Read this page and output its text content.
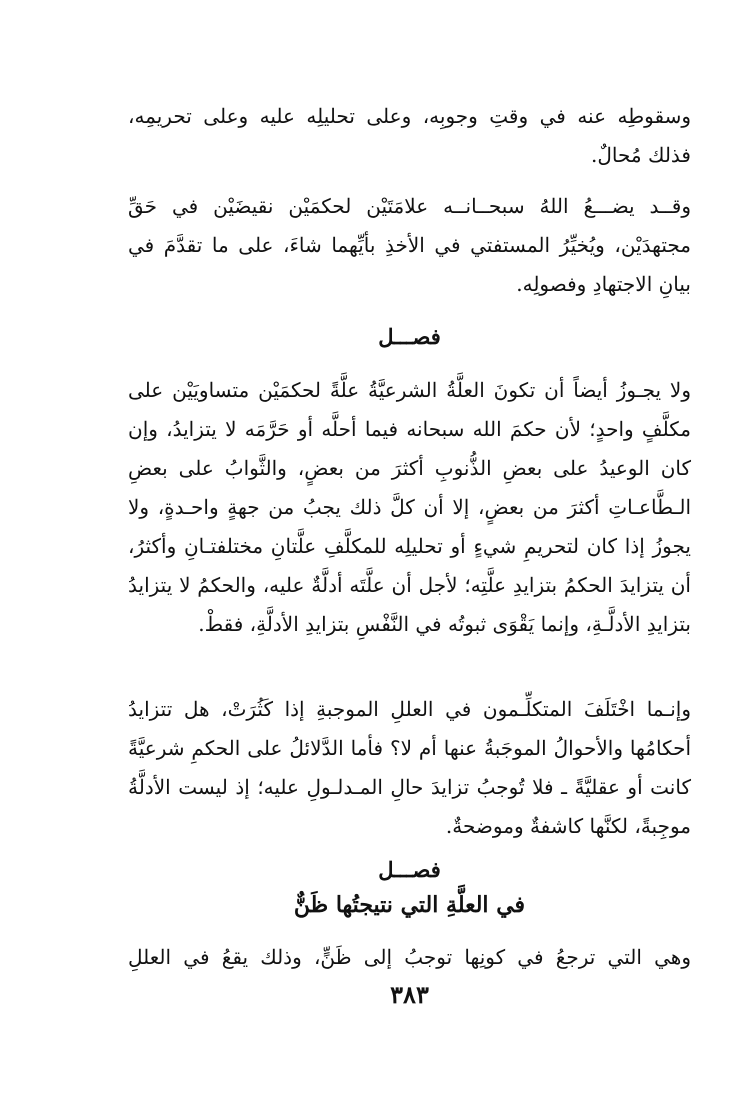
وسقوطِه عنه في وقتِ وجوبِه، وعلى تحليلِه عليه وعلى تحريمِه، فذلك مُحالٌ.

وقــد يضـــعُ اللهُ سبحــانــه علامَتَيْن لحكمَيْن نقيضَيْن في حَقِّ مجتهدَيْن، ويُخيِّرُ المستفتي في الأخذِ بأيِّهما شاءَ، على ما تقدَّمَ في بيانِ الاجتهادِ وفصولِه.

فصـــل

ولا يجـوزُ أيضاً أن تكونَ العلَّةُ الشرعيَّةُ علَّةً لحكمَيْن متساويَيْن على مكلَّفٍ واحدٍ؛ لأن حكمَ الله سبحانه فيما أحلَّه أو حَرَّمَه لا يتزايدُ، وإن كان الوعيدُ على بعضِ الذُّنوبِ أكثرَ من بعضٍ، والثَّوابُ على بعضِ الـطَّاعـاتِ أكثرَ من بعضٍ، إلا أن كلَّ ذلك يجبُ من جهةٍ واحـدةٍ، ولا يجوزُ إذا كان لتحريمِ شيءٍ أو تحليلِه للمكلَّفِ علَّتانِ مختلفتـانِ وأكثرُ، أن يتزايدَ الحكمُ بتزايدِ علَّتِه؛ لأجل أن علَّتَه أدلَّةٌ عليه، والحكمُ لا يتزايدُ بتزايدِ الأدلَّـةِ، وإنما يَقْوَى ثبوتُه في النَّفْسِ بتزايدِ الأدلَّةِ، فقطْ.

وإنـما اخْتَلَفَ المتكلِّـمون في العللِ الموجبةِ إذا كَثُرَتْ، هل تتزايدُ أحكامُها والأحوالُ الموجَبةُ عنها أم لا؟ فأما الدَّلائلُ على الحكمِ شرعيَّةً كانت أو عقليَّةً ـ فلا تُوجبُ تزايدَ حالِ المـدلـولِ عليه؛ إذ ليست الأدلَّةُ موجِبةً، لكنَّها كاشفةٌ وموضحةٌ.

فصـــل
في العلَّةِ التي نتيجتُها ظَنٌّ

وهي التي ترجعُ في كونِها توجبُ إلى ظَنٍّ، وذلك يقعُ في العللِ

٣٨٣
